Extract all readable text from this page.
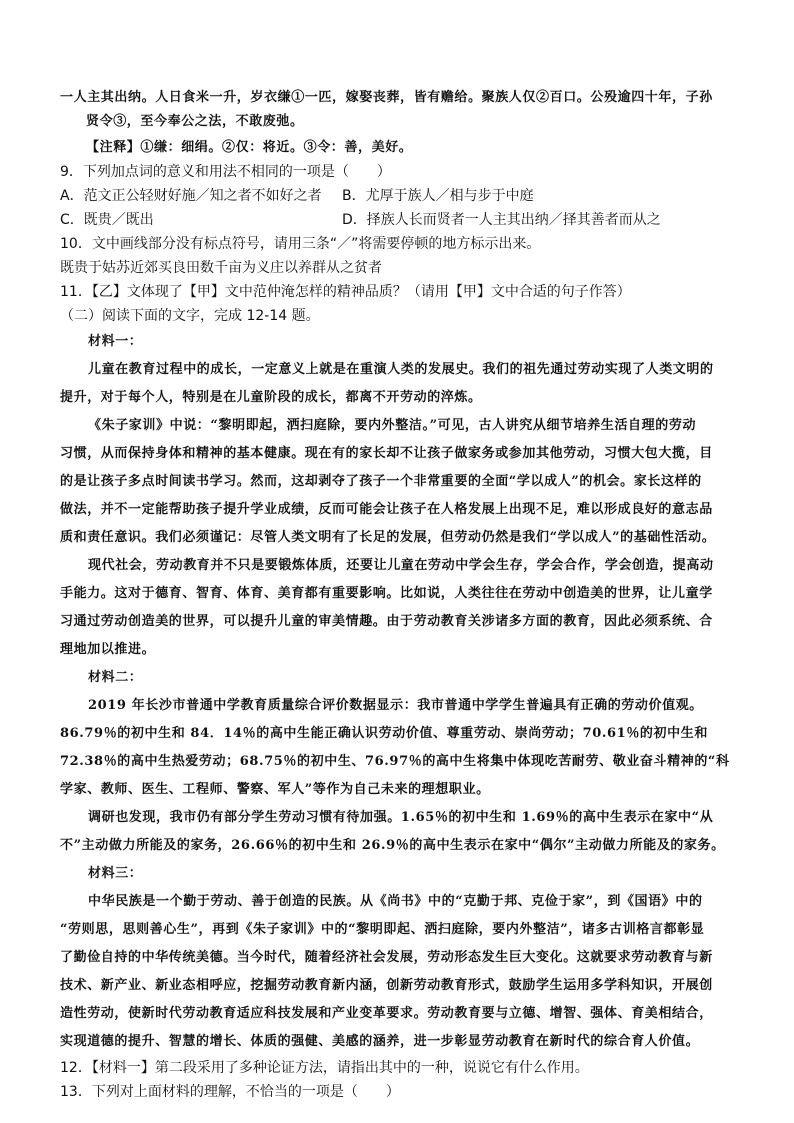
一人主其出纳。人日食米一升，岁衣缣①一匹，嫁娶丧葬，皆有赡给。聚族人仅②百口。公殁逾四十年，子孙

贤令③，至今奉公之法，不敢废弛。

【注释】①缣：细绢。②仅：将近。③令：善，美好。

9．下列加点词的意义和用法不相同的一项是（　　）

A．范文正公轻财好施／知之者不如好之者	B．尤厚于族人／相与步于中庭
C．既贵／既出	D．择族人长而贤者一人主其出纳／择其善者而从之

10．文中画线部分没有标点符号，请用三条“／”将需要停顿的地方标示出来。

既贵于姑苏近郊买良田数千亩为义庄以养群从之贫者

11．【乙】文体现了【甲】文中范仲淹怎样的精神品质？（请用【甲】文中合适的句子作答）

（二）阅读下面的文字，完成 12-14 题。

材料一：

儿童在教育过程中的成长，一定意义上就是在重演人类的发展史。我们的祖先通过劳动实现了人类文明的

提升，对于每个人，特别是在儿童阶段的成长，都离不开劳动的淬炼。

《朱子家训》中说：“黎明即起，洒扫庭除，要内外整洁。”可见，古人讲究从细节培养生活自理的劳动

习惯，从而保持身体和精神的基本健康。现在有的家长却不让孩子做家务或参加其他劳动，习惯大包大揽，目

的是让孩子多点时间读书学习。然而，这却剥夺了孩子一个非常重要的全面“学以成人”的机会。家长这样的

做法，并不一定能帮助孩子提升学业成绩，反而可能会让孩子在人格发展上出现不足，难以形成良好的意志品

质和责任意识。我们必须谨记：尽管人类文明有了长足的发展，但劳动仍然是我们“学以成人”的基础性活动。

现代社会，劳动教育并不只是要锻炼体质，还要让儿童在劳动中学会生存，学会合作，学会创造，提高动

手能力。这对于德育、智育、体育、美育都有重要影响。比如说，人类往往在劳动中创造美的世界，让儿童学

习通过劳动创造美的世界，可以提升儿童的审美情趣。由于劳动教育关涉诸多方面的教育，因此必须系统、合

理地加以推进。

材料二：

2019 年长沙市普通中学教育质量综合评价数据显示：我市普通中学学生普遍具有正确的劳动价值观。

86.79％的初中生和 84．14％的高中生能正确认识劳动价值、尊重劳动、崇尚劳动；70.61％的初中生和

72.38％的高中生热爱劳动；68.75％的初中生、76.97％的高中生将集中体现吃苦耐劳、敬业奋斗精神的“科

学家、教师、医生、工程师、警察、军人”等作为自己未来的理想职业。

调研也发现，我市仍有部分学生劳动习惯有待加强。1.65％的初中生和 1.69％的高中生表示在家中“从

不”主动做力所能及的家务，26.66％的初中生和 26.9％的高中生表示在家中“偶尔”主动做力所能及的家务。

材料三：

中华民族是一个勤于劳动、善于创造的民族。从《尚书》中的“克勤于邦、克俭于家”，到《国语》中的

“劳则思，思则善心生”，再到《朱子家训》中的“黎明即起、洒扫庭除，要内外整洁”，诸多古训格言都彰显

了勤俭自持的中华传统美德。当今时代，随着经济社会发展，劳动形态发生巨大变化。这就要求劳动教育与新

技术、新产业、新业态相呼应，挖掘劳动教育新内涵，创新劳动教育形式，鼓励学生运用多学科知识，开展创

造性劳动，使新时代劳动教育适应科技发展和产业变革要求。劳动教育要与立德、增智、强体、育美相结合，

实现道德的提升、智慧的增长、体质的强健、美感的涵养，进一步彰显劳动教育在新时代的综合育人价值。

12．【材料一】第二段采用了多种论证方法，请指出其中的一种，说说它有什么作用。

13．下列对上面材料的理解，不恰当的一项是（　　）
